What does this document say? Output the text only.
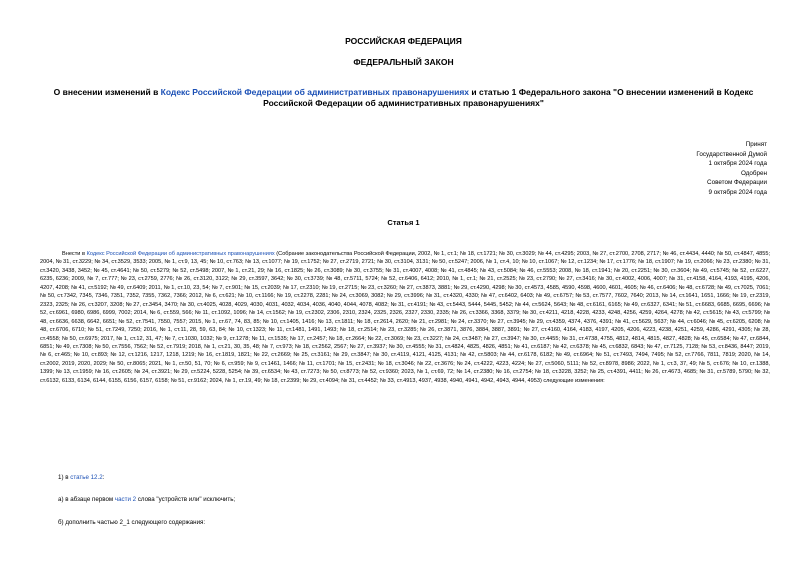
РОССИЙСКАЯ ФЕДЕРАЦИЯ
ФЕДЕРАЛЬНЫЙ ЗАКОН
О внесении изменений в Кодекс Российской Федерации об административных правонарушениях и статью 1 Федерального закона "О внесении изменений в Кодекс Российской Федерации об административных правонарушениях"
Принят
Государственной Думой
1 октября 2024 года
Одобрен
Советом Федерации
9 октября 2024 года
Статья 1
Внести в Кодекс Российской Федерации об административных правонарушениях (Собрание законодательства Российской Федерации, 2002, № 1, ст.1; № 18, ст.1721; № 30, ст.3029; № 44, ст.4295; 2003, № 27, ст.2700, 2708, 2717; № 46, ст.4434, 4440; № 50, ст.4847, 4855; 2004, № 31, ст.3229; № 34, ст.3529, 3533; 2005, № 1, ст.9, 13, 45; № 10, ст.763; № 13, ст.1077; № 19, ст.1752; № 27, ст.2719, 2721; № 30, ст.3104, 3131; № 50, ст.5247; 2006, № 1, ст.4, 10; № 10, ст.1067; № 12, ст.1234; № 17, ст.1776; № 18, ст.1907; № 19, ст.2066; № 23, ст.2380; № 31, ст.3420, 3438, 3452; № 45, ст.4641; № 50, ст.5279; № 52, ст.5498; 2007, № 1, ст.21, 29; № 16, ст.1825; № 26, ст.3089; № 30, ст.3755; № 31, ст.4007, 4008; № 41, ст.4845; № 43, ст.5084; № 46, ст.5553; 2008, № 18, ст.1941; № 20, ст.2251; № 30, ст.3604; № 49, ст.5745; № 52, ст.6227, 6235, 6236; 2009, № 7, ст.777; № 23, ст.2759, 2776; № 26, ст.3120, 3122; № 29, ст.3597, 3642; № 30, ст.3739; № 48, ст.5711, 5724; № 52, ст.6406, 6412; 2010, № 1, ст.1; № 21, ст.2525; № 23, ст.2790; № 27, ст.3416; № 30, ст.4002, 4006, 4007; № 31, ст.4158, 4164, 4193, 4195, 4206, 4207, 4208; № 41, ст.5192; № 49, ст.6409; 2011, № 1, ст.10, 23, 54; № 7, ст.901; № 15, ст.2039; № 17, ст.2310; № 19, ст.2715; № 23, ст.3260; № 27, ст.3873, 3881; № 29, ст.4290, 4298; № 30, ст.4573, 4585, 4590, 4598, 4600, 4601, 4605; № 46, ст.6406; № 48, ст.6728; № 49, ст.7025, 7061; № 50, ст.7342, 7345, 7346, 7351, 7352, 7355, 7362, 7366; 2012, № 6, ст.621; № 10, ст.1166; № 19, ст.2278, 2281; № 24, ст.3069, 3082; № 29, ст.3996; № 31, ст.4320, 4330; № 47, ст.6402, 6403; № 49, ст.6757; № 53, ст.7577, 7602, 7640; 2013, № 14, ст.1641, 1651, 1666; № 19, ст.2319, 2323, 2325; № 26, ст.3207, 3208; № 27, ст.3454, 3470; № 30, ст.4025, 4028, 4029, 4030, 4031, 4032, 4034, 4036, 4040, 4044, 4078, 4082; № 31, ст.4191; № 43, ст.5443, 5444, 5445, 5452; № 44, ст.5624, 5643; № 48, ст.6161, 6165; № 49, ст.6327, 6341; № 51, ст.6683, 6685, 6695, 6696; № 52, ст.6961, 6980, 6986, 6999, 7002; 2014, № 6, ст.559, 566; № 11, ст.1092, 1096; № 14, ст.1562; № 19, ст.2302, 2306, 2310, 2324, 2325, 2326, 2327, 2330, 2335; № 26, ст.3366, 3368, 3379; № 30, ст.4211, 4218, 4228, 4233, 4248, 4256, 4259, 4264, 4278; № 42, ст.5615; № 43, ст.5799; № 48, ст.6636, 6638, 6642, 6651; № 52, ст.7541, 7550, 7557; 2015, № 1, ст.67, 74, 83, 85; № 10, ст.1405, 1416; № 13, ст.1811; № 18, ст.2614, 2620; № 21, ст.2981; № 24, ст.3370; № 27, ст.3945; № 29, ст.4359, 4374, 4376, 4391; № 41, ст.5629, 5637; № 44, ст.6046; № 45, ст.6205, 6208; № 48, ст.6706, 6710; № 51, ст.7249, 7250; 2016, № 1, ст.11, 28, 59, 63, 84; № 10, ст.1323; № 11, ст.1481, 1491, 1493; № 18, ст.2514; № 23, ст.3285; № 26, ст.3871, 3876, 3884, 3887, 3891; № 27, ст.4160, 4164, 4183, 4197, 4205, 4206, 4223, 4238, 4251, 4259, 4286, 4291, 4305; № 28, ст.4558; № 50, ст.6975; 2017, № 1, ст.12, 31, 47; № 7, ст.1030, 1032; № 9, ст.1278; № 11, ст.1535; № 17, ст.2457; № 18, ст.2664; № 22, ст.3069; № 23, ст.3227; № 24, ст.3487; № 27, ст.3947; № 30, ст.4455; № 31, ст.4738, 4755, 4812, 4814, 4815, 4827, 4828; № 45, ст.6584; № 47, ст.6844, 6851; № 49, ст.7308; № 50, ст.7556, 7562; № 52, ст.7919; 2018, № 1, ст.21, 30, 35, 48; № 7, ст.973; № 18, ст.2562, 2567; № 27, ст.3937; № 30, ст.4555; № 31, ст.4824, 4825, 4826, 4851; № 41, ст.6187; № 42, ст.6378; № 45, ст.6832, 6843; № 47, ст.7125, 7128; № 53, ст.8436, 8447; 2019, № 6, ст.465; № 10, ст.893; № 12, ст.1216, 1217, 1218, 1219; № 16, ст.1819, 1821; № 22, ст.2669; № 25, ст.3161; № 29, ст.3847; № 30, ст.4119, 4121, 4125, 4131; № 42, ст.5803; № 44, ст.6178, 6182; № 49, ст.6964; № 51, ст.7493, 7494, 7495; № 52, ст.7766, 7811, 7819; 2020, № 14, ст.2002, 2019, 2020, 2029; № 50, ст.8065; 2021, № 1, ст.50, 51, 70; № 6, ст.959; № 9, ст.1461, 1466; № 11, ст.1701; № 15, ст.2431; № 18, ст.3046; № 22, ст.3676; № 24, ст.4222, 4223, 4224; № 27, ст.5060, 5111; № 52, ст.8978, 8986; 2022, № 1, ст.3, 37, 49; № 5, ст.676; № 10, ст.1388, 1399; № 13, ст.1959; № 16, ст.2605; № 24, ст.3921; № 29, ст.5224, 5228, 5254; № 39, ст.6534; № 43, ст.7273; № 50, ст.8773; № 52, ст.9360; 2023, № 1, ст.69, 72; № 14, ст.2380; № 16, ст.2754; № 18, ст.3228, 3252; № 25, ст.4391, 4411; № 26, ст.4673, 4685; № 31, ст.5789, 5790; № 32, ст.6132, 6133, 6134, 6144, 6155, 6156, 6157, 6158; № 51, ст.9162; 2024, № 1, ст.19, 49; № 18, ст.2399; № 29, ст.4094; № 31, ст.4452; № 33, ст.4913, 4937, 4938, 4940, 4941, 4942, 4943, 4944, 4953) следующие изменения:
1) в статье 12.2:
а) в абзаце первом части 2 слова "устройств или" исключить;
б) дополнить частью 2_1 следующего содержания:
